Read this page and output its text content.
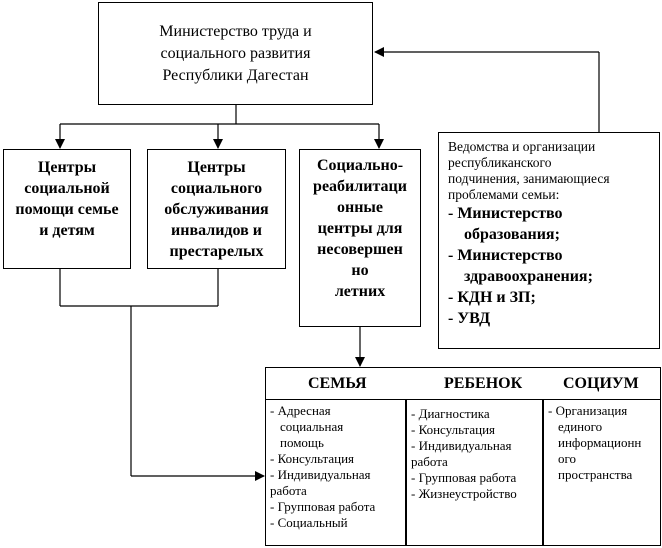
Министерство труда и
социального развития
Республики Дагестан
Центры
социальной
помощи семье
и детям
Центры
социального
обслуживания
инвалидов и
престарелых
Социально-
реабилитаци
онные
центры для
несовершен
но
летних
Ведомства и организации
республиканского
подчинения, занимающиеся
проблемами семьи:
- Министерство
образования;
- Министерство
здравоохранения;
- КДН и ЗП;
- УВД
СЕМЬЯ	РЕБЕНОК	СОЦИУМ
- Адресная
социальная
помощь
- Консультация
- Индивидуальная
работа
- Групповая работа
- Социальный
- Диагностика
- Консультация
- Индивидуальная
работа
- Групповая работа
- Жизнеустройство
- Организация
единого
информационн
ого
пространства
